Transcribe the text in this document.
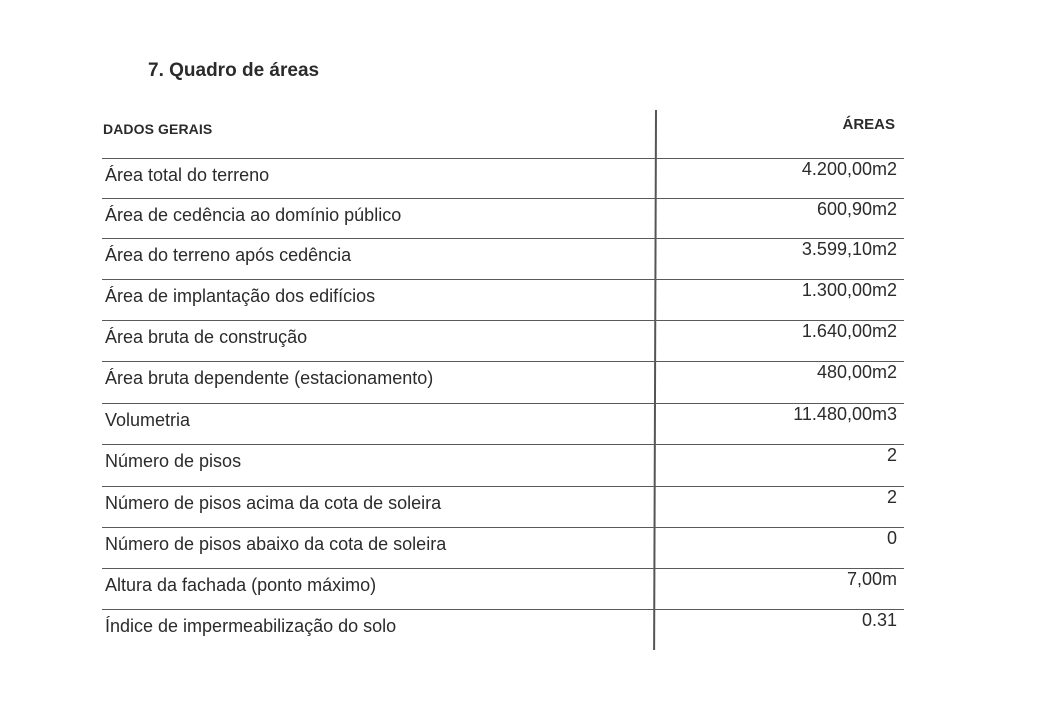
7. Quadro de áreas
DADOS GERAIS	ÁREAS
Área total do terreno	4.200,00m2
Área de cedência ao domínio público	600,90m2
Área do terreno após cedência	3.599,10m2
Área de implantação dos edifícios	1.300,00m2
Área bruta de construção	1.640,00m2
Área bruta dependente (estacionamento)	480,00m2
Volumetria	11.480,00m3
Número de pisos	2
Número de pisos acima da cota de soleira	2
Número de pisos abaixo da cota de soleira	0
Altura da fachada (ponto máximo)	7,00m
Índice de impermeabilização do solo	0.31
